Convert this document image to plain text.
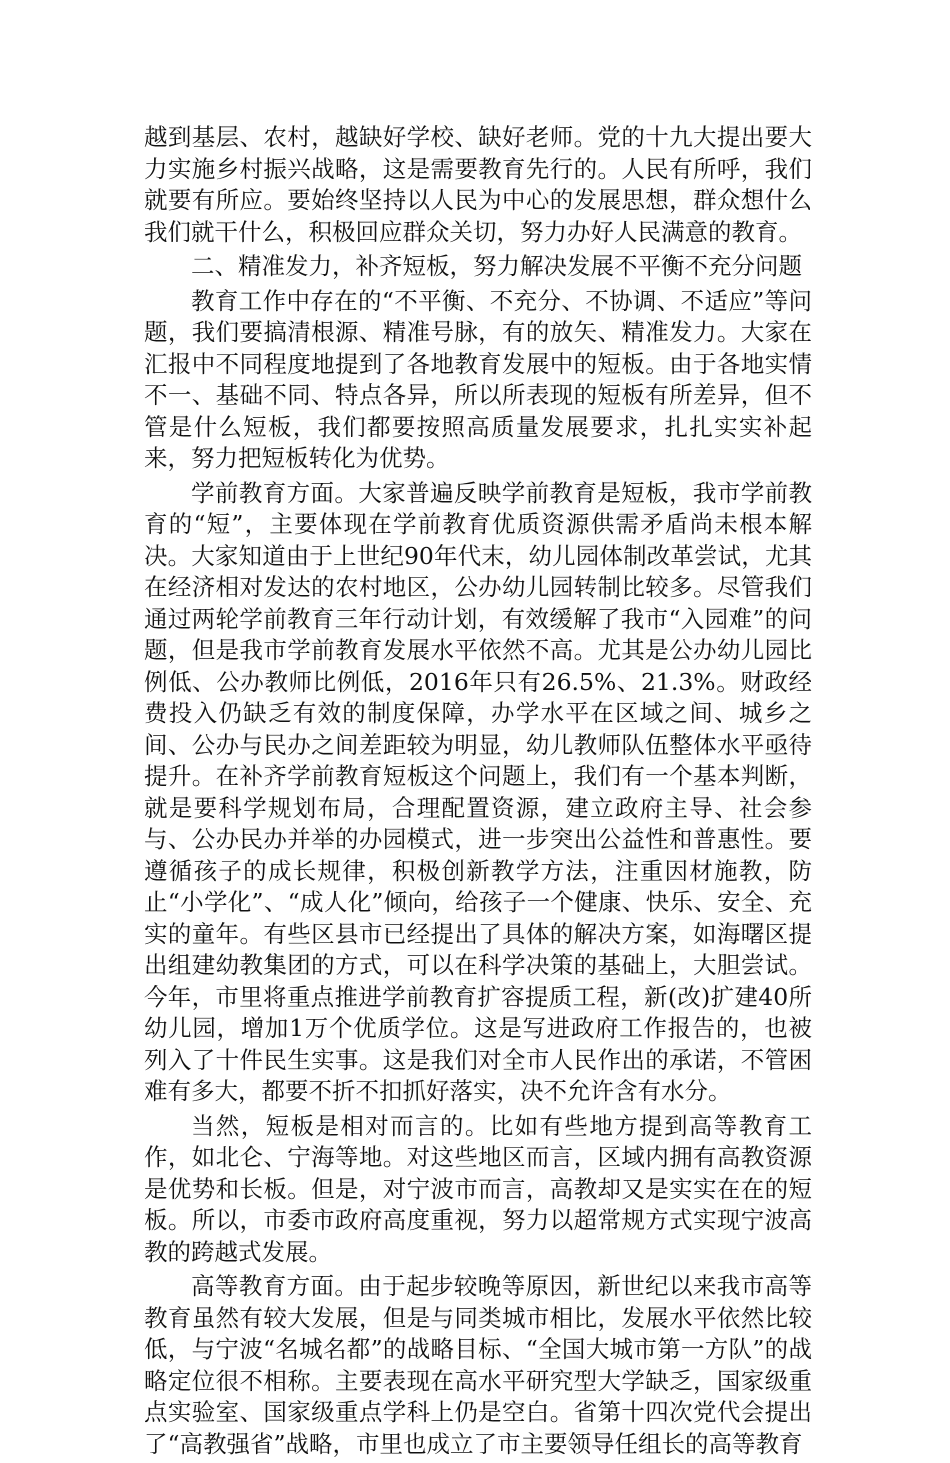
越到基层、农村，越缺好学校、缺好老师。党的十九大提出要大力实施乡村振兴战略，这是需要教育先行的。人民有所呼，我们就要有所应。要始终坚持以人民为中心的发展思想，群众想什么我们就干什么，积极回应群众关切，努力办好人民满意的教育。

二、精准发力，补齐短板，努力解决发展不平衡不充分问题

教育工作中存在的“不平衡、不充分、不协调、不适应”等问题，我们要搞清根源、精准号脉，有的放矢、精准发力。大家在汇报中不同程度地提到了各地教育发展中的短板。由于各地实情不一、基础不同、特点各异，所以所表现的短板有所差异，但不管是什么短板，我们都要按照高质量发展要求，扎扎实实补起来，努力把短板转化为优势。

学前教育方面。大家普遍反映学前教育是短板，我市学前教育的“短”，主要体现在学前教育优质资源供需矛盾尚未根本解决。大家知道由于上世纪90年代末，幼儿园体制改革尝试，尤其在经济相对发达的农村地区，公办幼儿园转制比较多。尽管我们通过两轮学前教育三年行动计划，有效缓解了我市“入园难”的问题，但是我市学前教育发展水平依然不高。尤其是公办幼儿园比例低、公办教师比例低，2016年只有26.5%、21.3%。财政经费投入仍缺乏有效的制度保障，办学水平在区域之间、城乡之间、公办与民办之间差距较为明显，幼儿教师队伍整体水平亟待提升。在补齐学前教育短板这个问题上，我们有一个基本判断，就是要科学规划布局，合理配置资源，建立政府主导、社会参与、公办民办并举的办园模式，进一步突出公益性和普惠性。要遵循孩子的成长规律，积极创新教学方法，注重因材施教，防止“小学化”、“成人化”倾向，给孩子一个健康、快乐、安全、充实的童年。有些区县市已经提出了具体的解决方案，如海曙区提出组建幼教集团的方式，可以在科学决策的基础上，大胆尝试。今年，市里将重点推进学前教育扩容提质工程，新(改)扩建40所幼儿园，增加1万个优质学位。这是写进政府工作报告的，也被列入了十件民生实事。这是我们对全市人民作出的承诺，不管困难有多大，都要不折不扣抓好落实，决不允许含有水分。

当然，短板是相对而言的。比如有些地方提到高等教育工作，如北仑、宁海等地。对这些地区而言，区域内拥有高教资源是优势和长板。但是，对宁波市而言，高教却又是实实在在的短板。所以，市委市政府高度重视，努力以超常规方式实现宁波高教的跨越式发展。

高等教育方面。由于起步较晚等原因，新世纪以来我市高等教育虽然有较大发展，但是与同类城市相比，发展水平依然比较低，与宁波“名城名都”的战略目标、“全国大城市第一方队”的战略定位很不相称。主要表现在高水平研究型大学缺乏，国家级重点实验室、国家级重点学科上仍是空白。省第十四次党代会提出了“高教强省”战略，市里也成立了市主要领导任组长的高等教育
